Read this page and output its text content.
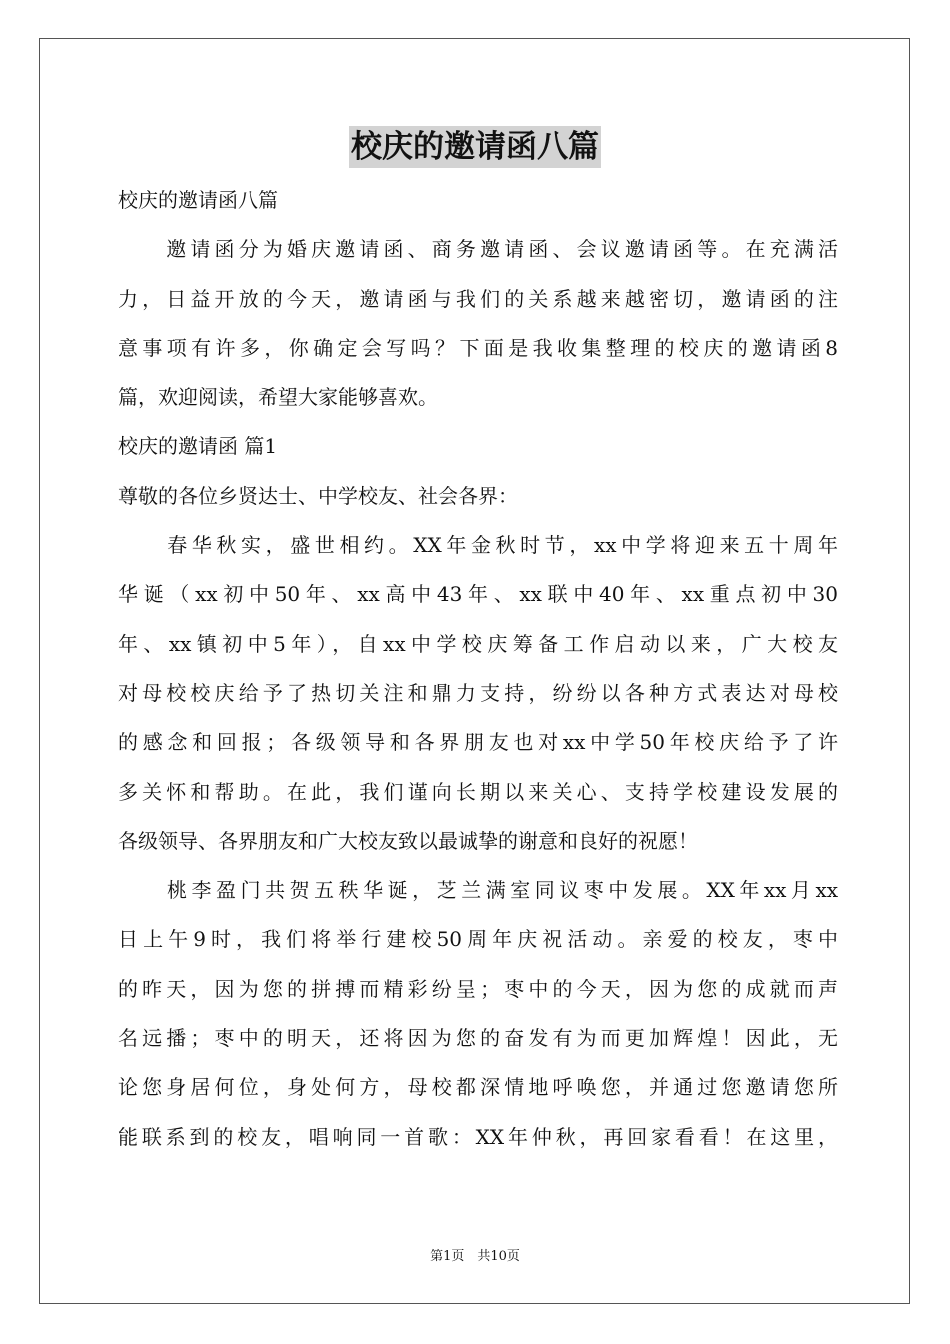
校庆的邀请函八篇
校庆的邀请函八篇
　　邀请函分为婚庆邀请函、商务邀请函、会议邀请函等。在充满活
力，日益开放的今天，邀请函与我们的关系越来越密切，邀请函的注
意事项有许多，你确定会写吗？下面是我收集整理的校庆的邀请函8
篇，欢迎阅读，希望大家能够喜欢。
校庆的邀请函 篇1
尊敬的各位乡贤达士、中学校友、社会各界：
　　春华秋实，盛世相约。XX年金秋时节，xx中学将迎来五十周年
华诞（xx初中50年、xx高中43年、xx联中40年、xx重点初中30
年、xx镇初中5年），自xx中学校庆筹备工作启动以来，广大校友
对母校校庆给予了热切关注和鼎力支持，纷纷以各种方式表达对母校
的感念和回报；各级领导和各界朋友也对xx中学50年校庆给予了许
多关怀和帮助。在此，我们谨向长期以来关心、支持学校建设发展的
各级领导、各界朋友和广大校友致以最诚挚的谢意和良好的祝愿！
　　桃李盈门共贺五秩华诞，芝兰满室同议枣中发展。XX年xx月xx
日上午9时，我们将举行建校50周年庆祝活动。亲爱的校友，枣中
的昨天，因为您的拼搏而精彩纷呈；枣中的今天，因为您的成就而声
名远播；枣中的明天，还将因为您的奋发有为而更加辉煌！因此，无
论您身居何位，身处何方，母校都深情地呼唤您，并通过您邀请您所
能联系到的校友，唱响同一首歌：XX年仲秋，再回家看看！在这里，
第1页　共10页
